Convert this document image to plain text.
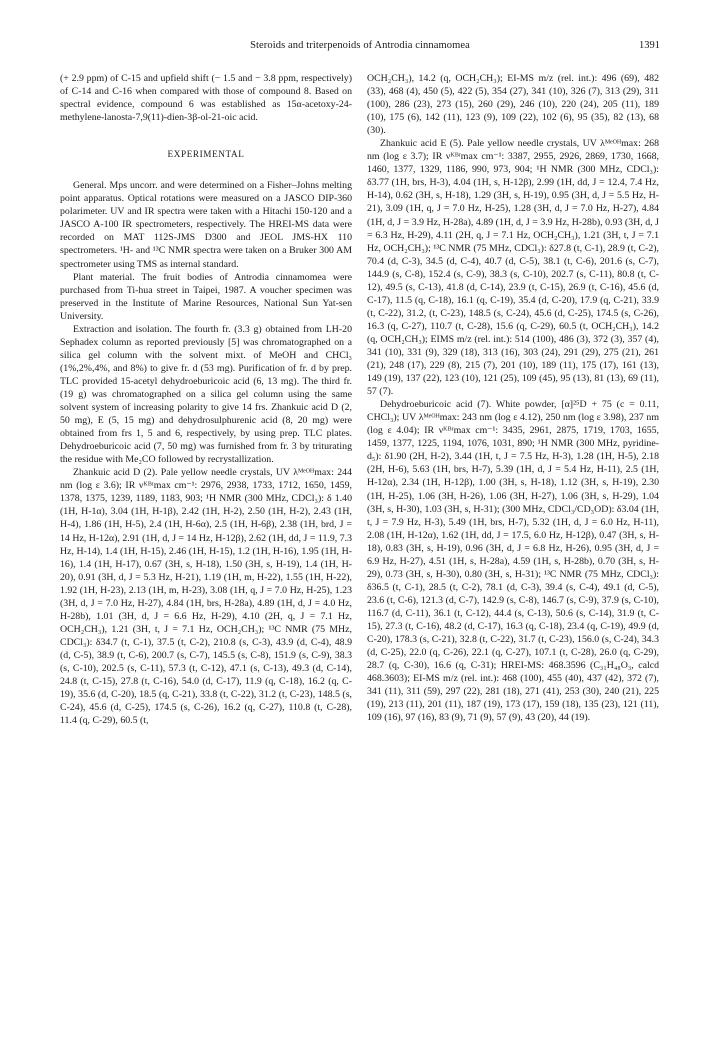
Steroids and triterpenoids of Antrodia cinnamomea	1391

(+ 2.9 ppm) of C-15 and upfield shift (− 1.5 and − 3.8 ppm, respectively) of C-14 and C-16 when compared with those of compound 8. Based on spectral evidence, compound 6 was established as 15α-acetoxy-24-methylene-lanosta-7,9(11)-dien-3β-ol-21-oic acid.

EXPERIMENTAL

General. Mps uncorr. and were determined on a Fisher–Johns melting point apparatus. Optical rotations were measured on a JASCO DIP-360 polarimeter. UV and IR spectra were taken with a Hitachi 150-120 and a JASCO A-100 IR spectrometers, respectively. The HREI-MS data were recorded on MAT 112S-JMS D300 and JEOL JMS-HX 110 spectrometers. ¹H- and ¹³C NMR spectra were taken on a Bruker 300 AM spectrometer using TMS as internal standard.

Plant material. The fruit bodies of Antrodia cinnamomea were purchased from Ti-hua street in Taipei, 1987. A voucher specimen was preserved in the Institute of Marine Resources, National Sun Yat-sen University.

Extraction and isolation. The fourth fr. (3.3 g) obtained from LH-20 Sephadex column as reported previously [5] was chromatographed on a silica gel column with the solvent mixt. of MeOH and CHCl₃ (1%,2%,4%, and 8%) to give fr. d (53 mg). Purification of fr. d by prep. TLC provided 15-acetyl dehydroeburicoic acid (6, 13 mg). The third fr. (19 g) was chromatographed on a silica gel column using the same solvent system of increasing polarity to give 14 frs. Zhankuic acid D (2, 50 mg), E (5, 15 mg) and dehydrosulphurenic acid (8, 20 mg) were obtained from frs 1, 5 and 6, respectively, by using prep. TLC plates. Dehydroeburicoic acid (7, 50 mg) was furnished from fr. 3 by triturating the residue with Me₂CO followed by recrystallization.

Zhankuic acid D (2). Pale yellow needle crystals, UV λᴹᵉᴼᴴmax: 244 nm (log ε 3.6); IR νᴷᴮʳmax cm⁻¹: 2976, 2938, 1733, 1712, 1650, 1459, 1378, 1375, 1239, 1189, 1183, 903; ¹H NMR (300 MHz, CDCl₃): δ 1.40 (1H, H-1α), 3.04 (1H, H-1β), 2.42 (1H, H-2), 2.50 (1H, H-2), 2.43 (1H, H-4), 1.86 (1H, H-5), 2.4 (1H, H-6α), 2.5 (1H, H-6β), 2.38 (1H, brd, J = 14 Hz, H-12α), 2.91 (1H, d, J = 14 Hz, H-12β), 2.62 (1H, dd, J = 11.9, 7.3 Hz, H-14), 1.4 (1H, H-15), 2.46 (1H, H-15), 1.2 (1H, H-16), 1.95 (1H, H-16), 1.4 (1H, H-17), 0.67 (3H, s, H-18), 1.50 (3H, s, H-19), 1.4 (1H, H-20), 0.91 (3H, d, J = 5.3 Hz, H-21), 1.19 (1H, m, H-22), 1.55 (1H, H-22), 1.92 (1H, H-23), 2.13 (1H, m, H-23), 3.08 (1H, q, J = 7.0 Hz, H-25), 1.23 (3H, d, J = 7.0 Hz, H-27), 4.84 (1H, brs, H-28a), 4.89 (1H, d, J = 4.0 Hz, H-28b), 1.01 (3H, d, J = 6.6 Hz, H-29), 4.10 (2H, q, J = 7.1 Hz, OCH₂CH₃), 1.21 (3H, t, J = 7.1 Hz, OCH₂CH₃); ¹³C NMR (75 MHz, CDCl₃): δ34.7 (t, C-1), 37.5 (t, C-2), 210.8 (s, C-3), 43.9 (d, C-4), 48.9 (d, C-5), 38.9 (t, C-6), 200.7 (s, C-7), 145.5 (s, C-8), 151.9 (s, C-9), 38.3 (s, C-10), 202.5 (s, C-11), 57.3 (t, C-12), 47.1 (s, C-13), 49.3 (d, C-14), 24.8 (t, C-15), 27.8 (t, C-16), 54.0 (d, C-17), 11.9 (q, C-18), 16.2 (q, C-19), 35.6 (d, C-20), 18.5 (q, C-21), 33.8 (t, C-22), 31.2 (t, C-23), 148.5 (s, C-24), 45.6 (d, C-25), 174.5 (s, C-26), 16.2 (q, C-27), 110.8 (t, C-28), 11.4 (q, C-29), 60.5 (t,

OCH₂CH₃), 14.2 (q, OCH₂CH₃); EI-MS m/z (rel. int.): 496 (69), 482 (33), 468 (4), 450 (5), 422 (5), 354 (27), 341 (10), 326 (7), 313 (29), 311 (100), 286 (23), 273 (15), 260 (29), 246 (10), 220 (24), 205 (11), 189 (10), 175 (6), 142 (11), 123 (9), 109 (22), 102 (6), 95 (35), 82 (13), 68 (30).

Zhankuic acid E (5). Pale yellow needle crystals, UV λᴹᵉᴼᴴmax: 268 nm (log ε 3.7); IR νᴷᴮʳmax cm⁻¹: 3387, 2955, 2926, 2869, 1730, 1668, 1460, 1377, 1329, 1186, 990, 973, 904; ¹H NMR (300 MHz, CDCl₃): δ3.77 (1H, brs, H-3), 4.04 (1H, s, H-12β), 2.99 (1H, dd, J = 12.4, 7.4 Hz, H-14), 0.62 (3H, s, H-18), 1.29 (3H, s, H-19), 0.95 (3H, d, J = 5.5 Hz, H-21), 3.09 (1H, q, J = 7.0 Hz, H-25), 1.28 (3H, d, J = 7.0 Hz, H-27), 4.84 (1H, d, J = 3.9 Hz, H-28a), 4.89 (1H, d, J = 3.9 Hz, H-28b), 0.93 (3H, d, J = 6.3 Hz, H-29), 4.11 (2H, q, J = 7.1 Hz, OCH₂CH₃), 1.21 (3H, t, J = 7.1 Hz, OCH₂CH₃); ¹³C NMR (75 MHz, CDCl₃): δ27.8 (t, C-1), 28.9 (t, C-2), 70.4 (d, C-3), 34.5 (d, C-4), 40.7 (d, C-5), 38.1 (t, C-6), 201.6 (s, C-7), 144.9 (s, C-8), 152.4 (s, C-9), 38.3 (s, C-10), 202.7 (s, C-11), 80.8 (t, C-12), 49.5 (s, C-13), 41.8 (d, C-14), 23.9 (t, C-15), 26.9 (t, C-16), 45.6 (d, C-17), 11.5 (q, C-18), 16.1 (q, C-19), 35.4 (d, C-20), 17.9 (q, C-21), 33.9 (t, C-22), 31.2, (t, C-23), 148.5 (s, C-24), 45.6 (d, C-25), 174.5 (s, C-26), 16.3 (q, C-27), 110.7 (t, C-28), 15.6 (q, C-29), 60.5 (t, OCH₂CH₃), 14.2 (q, OCH₂CH₃); EIMS m/z (rel. int.): 514 (100), 486 (3), 372 (3), 357 (4), 341 (10), 331 (9), 329 (18), 313 (16), 303 (24), 291 (29), 275 (21), 261 (21), 248 (17), 229 (8), 215 (7), 201 (10), 189 (11), 175 (17), 161 (13), 149 (19), 137 (22), 123 (10), 121 (25), 109 (45), 95 (13), 81 (13), 69 (11), 57 (7).

Dehydroeburicoic acid (7). White powder, [α]²⁵D + 75 (c = 0.11, CHCl₃); UV λᴹᵉᴼᴴmax: 243 nm (log ε 4.12), 250 nm (log ε 3.98), 237 nm (log ε 4.04); IR νᴷᴮʳmax cm⁻¹: 3435, 2961, 2875, 1719, 1703, 1655, 1459, 1377, 1225, 1194, 1076, 1031, 890; ¹H NMR (300 MHz, pyridine-d₅): δ1.90 (2H, H-2), 3.44 (1H, t, J = 7.5 Hz, H-3), 1.28 (1H, H-5), 2.18 (2H, H-6), 5.63 (1H, brs, H-7), 5.39 (1H, d, J = 5.4 Hz, H-11), 2.5 (1H, H-12α), 2.34 (1H, H-12β), 1.00 (3H, s, H-18), 1.12 (3H, s, H-19), 2.30 (1H, H-25), 1.06 (3H, H-26), 1.06 (3H, H-27), 1.06 (3H, s, H-29), 1.04 (3H, s, H-30), 1.03 (3H, s, H-31); (300 MHz, CDCl₃/CD₃OD): δ3.04 (1H, t, J = 7.9 Hz, H-3), 5.49 (1H, brs, H-7), 5.32 (1H, d, J = 6.0 Hz, H-11), 2.08 (1H, H-12α), 1.62 (1H, dd, J = 17.5, 6.0 Hz, H-12β), 0.47 (3H, s, H-18), 0.83 (3H, s, H-19), 0.96 (3H, d, J = 6.8 Hz, H-26), 0.95 (3H, d, J = 6.9 Hz, H-27), 4.51 (1H, s, H-28a), 4.59 (1H, s, H-28b), 0.70 (3H, s, H-29), 0.73 (3H, s, H-30), 0.80 (3H, s, H-31); ¹³C NMR (75 MHz, CDCl₃): δ36.5 (t, C-1), 28.5 (t, C-2), 78.1 (d, C-3), 39.4 (s, C-4), 49.1 (d, C-5), 23.6 (t, C-6), 121.3 (d, C-7), 142.9 (s, C-8), 146.7 (s, C-9), 37.9 (s, C-10), 116.7 (d, C-11), 36.1 (t, C-12), 44.4 (s, C-13), 50.6 (s, C-14), 31.9 (t, C-15), 27.3 (t, C-16), 48.2 (d, C-17), 16.3 (q, C-18), 23.4 (q, C-19), 49.9 (d, C-20), 178.3 (s, C-21), 32.8 (t, C-22), 31.7 (t, C-23), 156.0 (s, C-24), 34.3 (d, C-25), 22.0 (q, C-26), 22.1 (q, C-27), 107.1 (t, C-28), 26.0 (q, C-29), 28.7 (q, C-30), 16.6 (q, C-31); HREI-MS: 468.3596 (C₃₁H₄₈O₃, calcd 468.3603); EI-MS m/z (rel. int.): 468 (100), 455 (40), 437 (42), 372 (7), 341 (11), 311 (59), 297 (22), 281 (18), 271 (41), 253 (30), 240 (21), 225 (19), 213 (11), 201 (11), 187 (19), 173 (17), 159 (18), 135 (23), 121 (11), 109 (16), 97 (16), 83 (9), 71 (9), 57 (9), 43 (20), 44 (19).
